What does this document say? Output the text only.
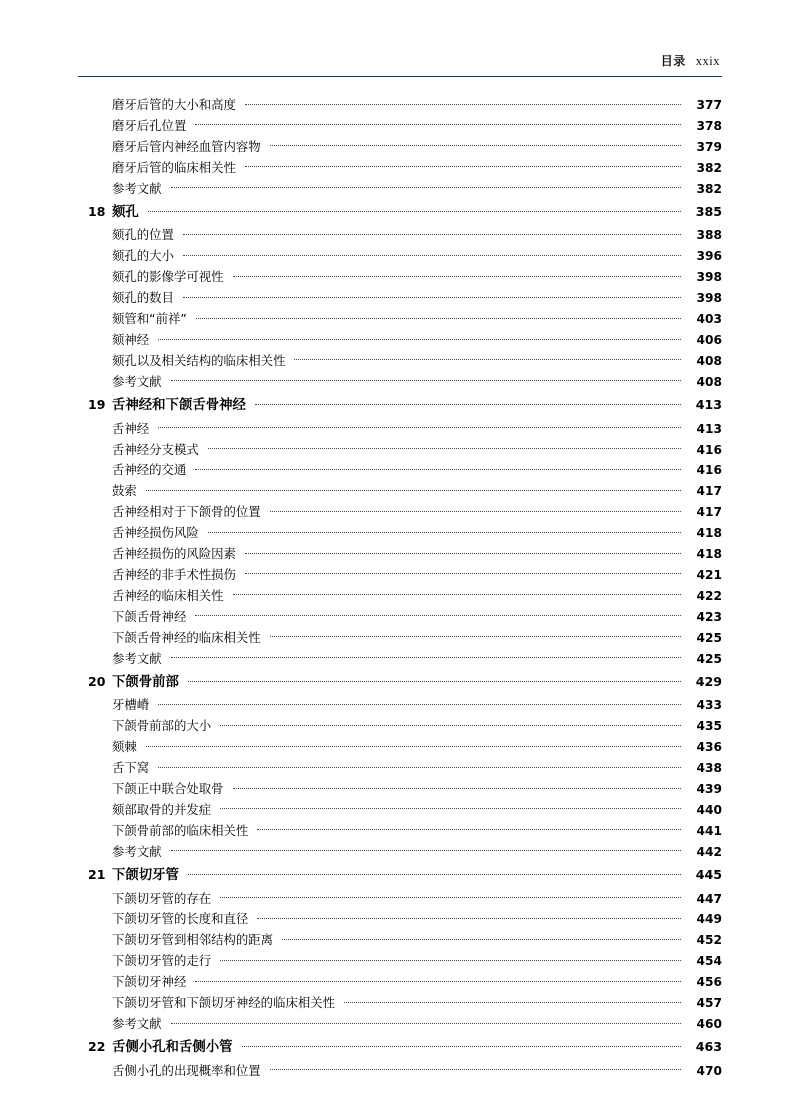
目录 xxix
磨牙后管的大小和高度	377
磨牙后孔位置	378
磨牙后管内神经血管内容物	379
磨牙后管的临床相关性	382
参考文献	382
18 颏孔	385
颏孔的位置	388
颏孔的大小	396
颏孔的影像学可视性	398
颏孔的数目	398
颏管和“前祥”	403
颏神经	406
颏孔以及相关结构的临床相关性	408
参考文献	408
19 舌神经和下颌舌骨神经	413
舌神经	413
舌神经分支模式	416
舌神经的交通	416
鼓索	417
舌神经相对于下颌骨的位置	417
舌神经损伤风险	418
舌神经损伤的风险因素	418
舌神经的非手术性损伤	421
舌神经的临床相关性	422
下颌舌骨神经	423
下颌舌骨神经的临床相关性	425
参考文献	425
20 下颌骨前部	429
牙槽嵴	433
下颌骨前部的大小	435
颏棘	436
舌下窝	438
下颌正中联合处取骨	439
颏部取骨的并发症	440
下颌骨前部的临床相关性	441
参考文献	442
21 下颌切牙管	445
下颌切牙管的存在	447
下颌切牙管的长度和直径	449
下颌切牙管到相邻结构的距离	452
下颌切牙管的走行	454
下颌切牙神经	456
下颌切牙管和下颌切牙神经的临床相关性	457
参考文献	460
22 舌侧小孔和舌侧小管	463
舌侧小孔的出现概率和位置	470
